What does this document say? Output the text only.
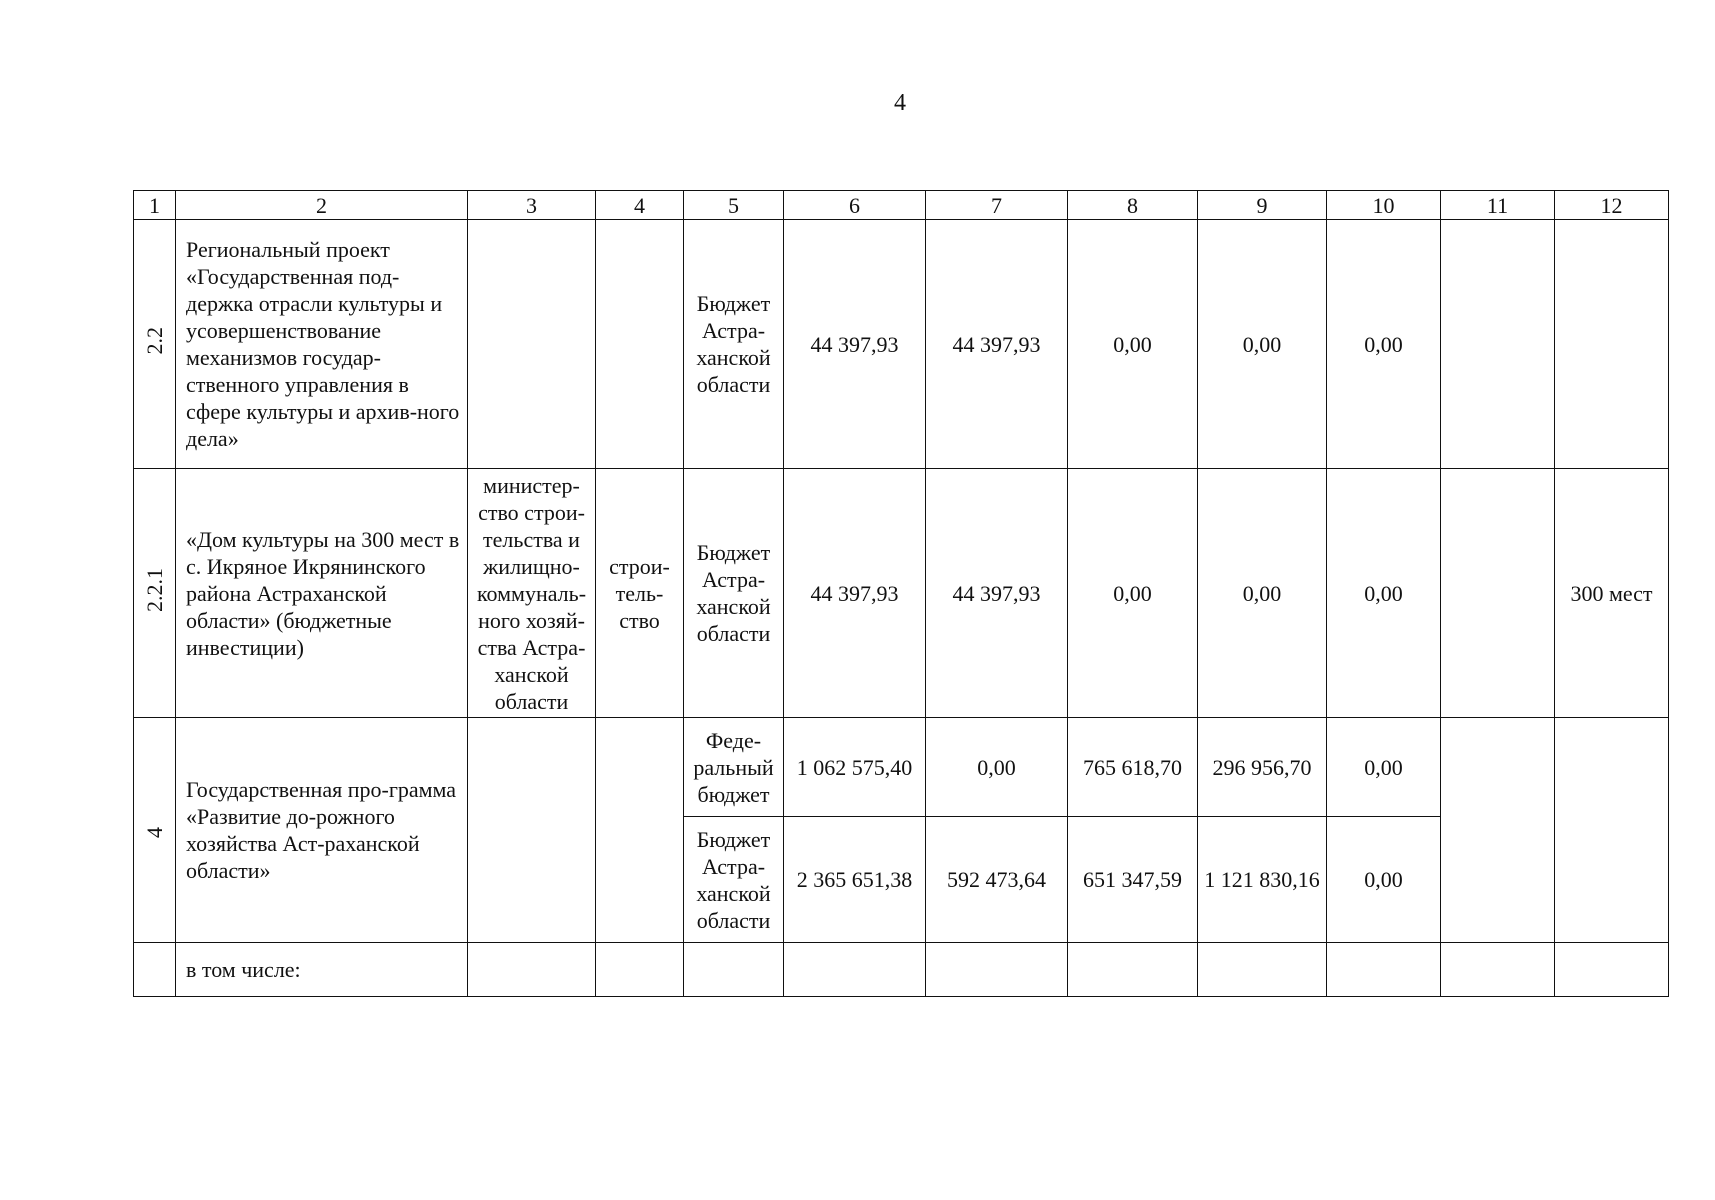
4
1	2	3	4	5	6	7	8	9	10	11	12
2.2	Региональный проект «Государственная под-держка отрасли культуры и усовершенствование механизмов государ-ственного управления в сфере культуры и архив-ного дела»			Бюджет Астра-ханской области	44 397,93	44 397,93	0,00	0,00	0,00		
2.2.1	«Дом культуры на 300 мест в с. Икряное Икрянинского района Астраханской области» (бюджетные инвестиции)	министер-ство строи-тельства и жилищно-коммуналь-ного хозяй-ства Астра-ханской области	строи-тель-ство	Бюджет Астра-ханской области	44 397,93	44 397,93	0,00	0,00	0,00		300 мест
4	Государственная про-грамма «Развитие до-рожного хозяйства Аст-раханской области»			Феде-ральный бюджет	1 062 575,40	0,00	765 618,70	296 956,70	0,00		
				Бюджет Астра-ханской области	2 365 651,38	592 473,64	651 347,59	1 121 830,16	0,00		
	в том числе:										
